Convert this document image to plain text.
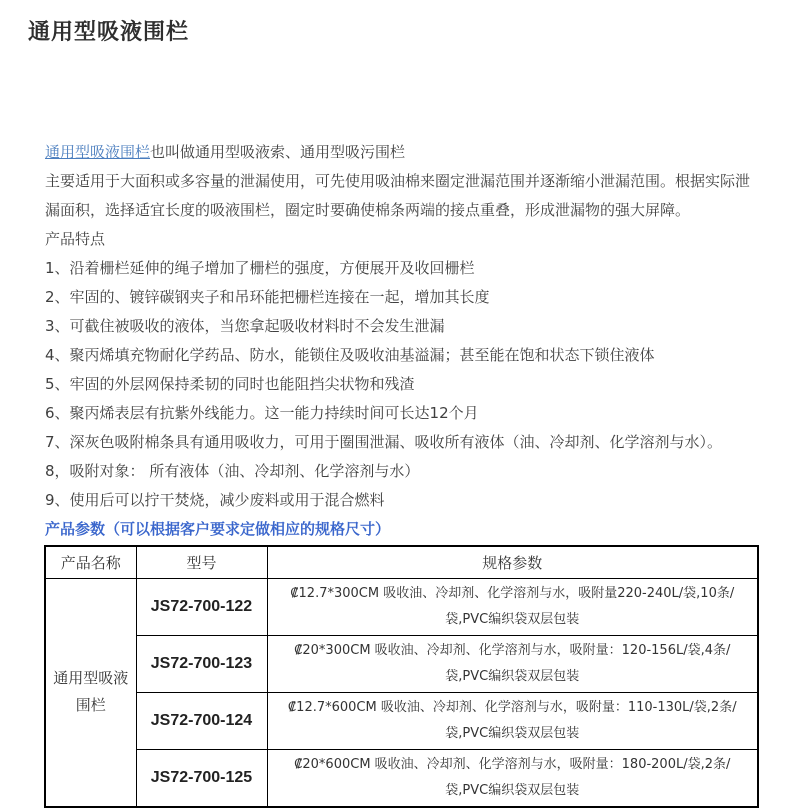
通用型吸液围栏
通用型吸液围栏也叫做通用型吸液索、通用型吸污围栏
主要适用于大面积或多容量的泄漏使用，可先使用吸油棉来圈定泄漏范围并逐渐缩小泄漏范围。根据实际泄漏面积，选择适宜长度的吸液围栏，圈定时要确使棉条两端的接点重叠，形成泄漏物的强大屏障。
产品特点
1、沿着栅栏延伸的绳子增加了栅栏的强度，方便展开及收回栅栏
2、牢固的、镀锌碳钢夹子和吊环能把栅栏连接在一起，增加其长度
3、可截住被吸收的液体，当您拿起吸收材料时不会发生泄漏
4、聚丙烯填充物耐化学药品、防水，能锁住及吸收油基溢漏；甚至能在饱和状态下锁住液体
5、牢固的外层网保持柔韧的同时也能阻挡尖状物和残渣
6、聚丙烯表层有抗紫外线能力。这一能力持续时间可长达12个月
7、深灰色吸附棉条具有通用吸收力，可用于圈围泄漏、吸收所有液体（油、冷却剂、化学溶剂与水）。
8，吸附对象： 所有液体（油、冷却剂、化学溶剂与水）
9、使用后可以拧干焚烧，减少废料或用于混合燃料
产品参数（可以根据客户要求定做相应的规格尺寸）
产品名称	型号	规格参数
通用型吸液围栏	JS72-700-122	₡12.7*300CM 吸收油、冷却剂、化学溶剂与水，吸附量220-240L/袋,10条/袋,PVC编织袋双层包装
	JS72-700-123	₡20*300CM 吸收油、冷却剂、化学溶剂与水，吸附量：120-156L/袋,4条/袋,PVC编织袋双层包装
	JS72-700-124	₡12.7*600CM 吸收油、冷却剂、化学溶剂与水，吸附量：110-130L/袋,2条/袋,PVC编织袋双层包装
	JS72-700-125	₡20*600CM 吸收油、冷却剂、化学溶剂与水，吸附量：180-200L/袋,2条/袋,PVC编织袋双层包装
